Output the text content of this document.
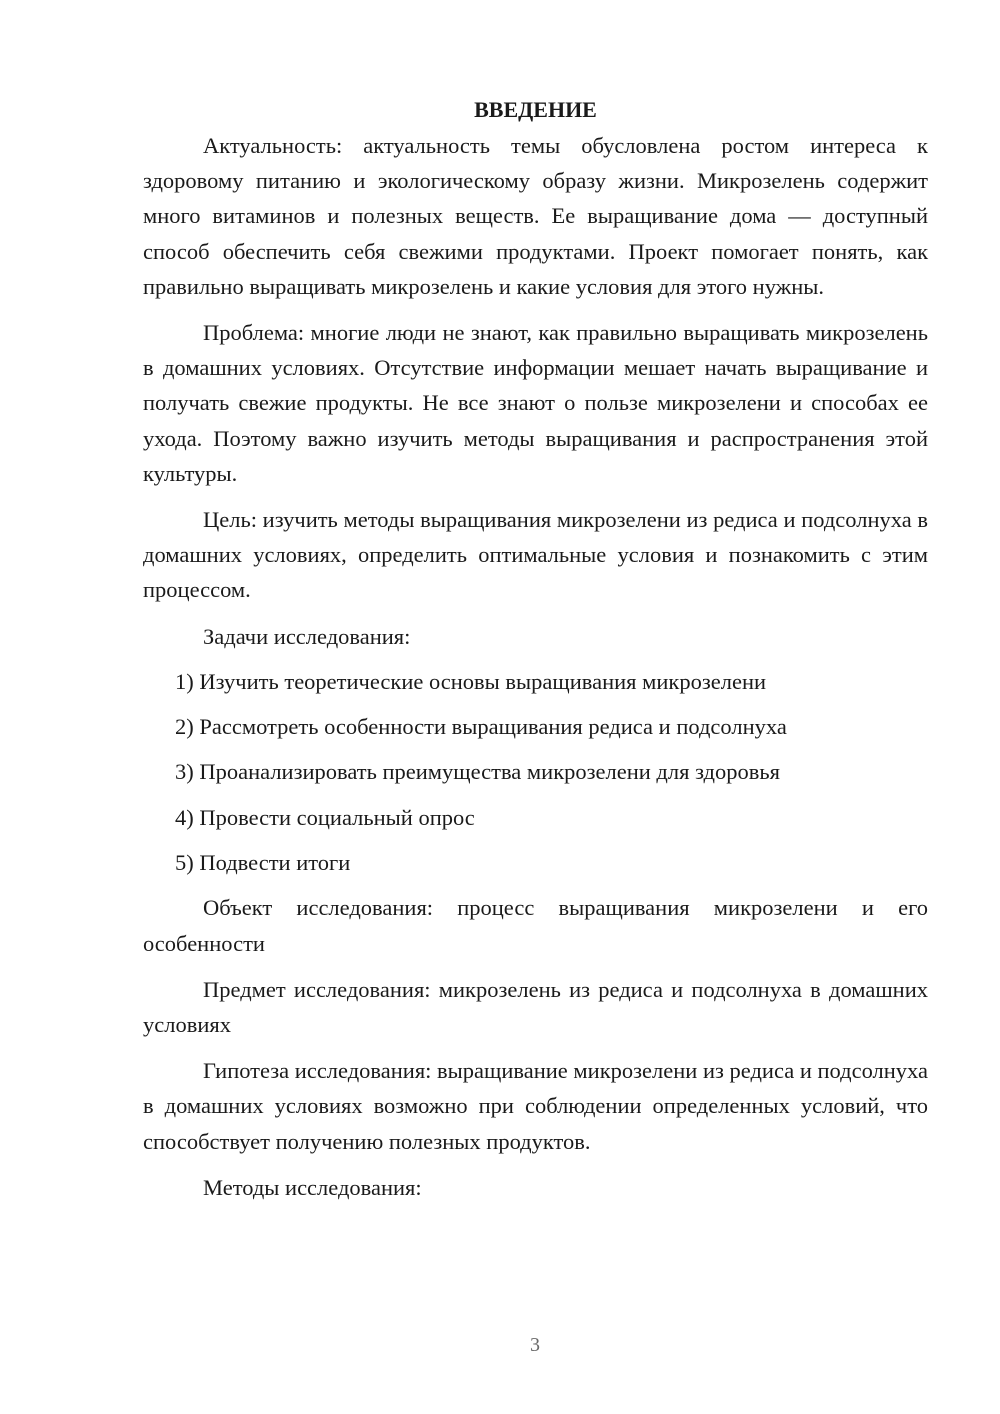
ВВЕДЕНИЕ

Актуальность: актуальность темы обусловлена ростом интереса к здоровому питанию и экологическому образу жизни. Микрозелень содержит много витаминов и полезных веществ. Ее выращивание дома — доступный способ обеспечить себя свежими продуктами. Проект помогает понять, как правильно выращивать микрозелень и какие условия для этого нужны.

Проблема: многие люди не знают, как правильно выращивать микрозелень в домашних условиях. Отсутствие информации мешает начать выращивание и получать свежие продукты. Не все знают о пользе микрозелени и способах ее ухода. Поэтому важно изучить методы выращивания и распространения этой культуры.

Цель: изучить методы выращивания микрозелени из редиса и подсолнуха в домашних условиях, определить оптимальные условия и познакомить с этим процессом.

Задачи исследования:

1) Изучить теоретические основы выращивания микрозелени

2) Рассмотреть особенности выращивания редиса и подсолнуха

3) Проанализировать преимущества микрозелени для здоровья

4) Провести социальный опрос

5) Подвести итоги

Объект исследования: процесс выращивания микрозелени и его особенности

Предмет исследования: микрозелень из редиса и подсолнуха в домашних условиях

Гипотеза исследования: выращивание микрозелени из редиса и подсолнуха в домашних условиях возможно при соблюдении определенных условий, что способствует получению полезных продуктов.

Методы исследования:

3
